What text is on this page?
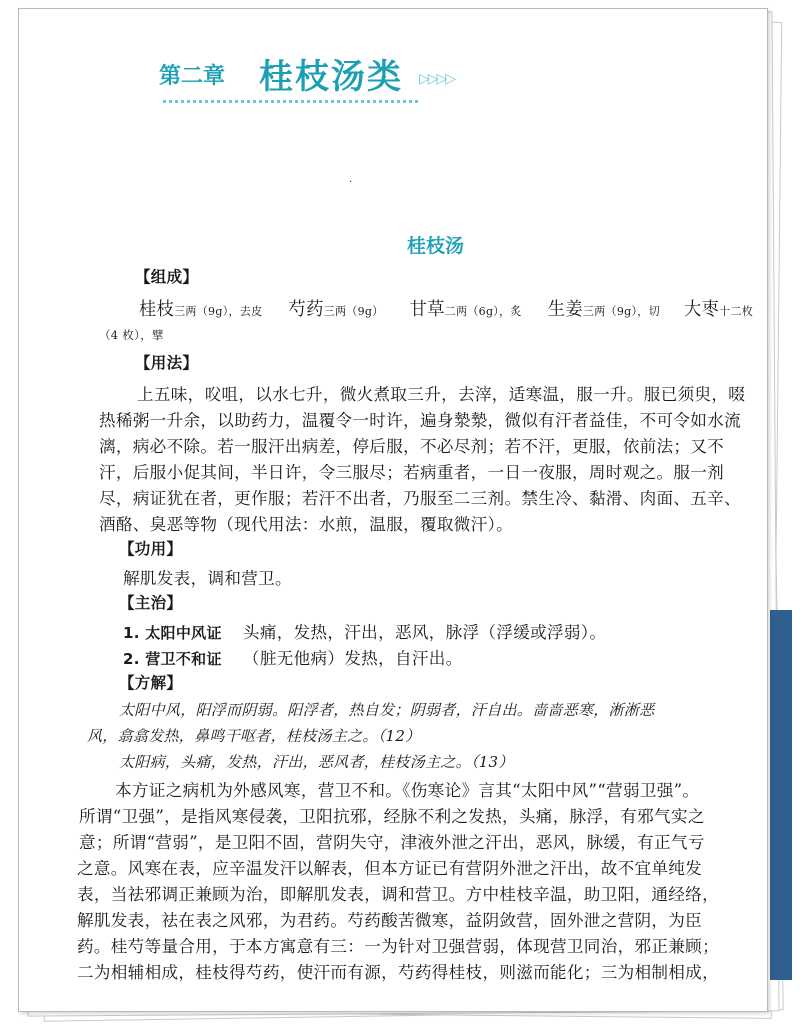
第二章 桂枝汤类 ▷▷▷▷
·
桂枝汤
【组成】
桂枝三两（9g），去皮 芍药三两（9g） 甘草二两（6g），炙 生姜三两（9g），切 大枣十二枚
（4 枚），擘
【用法】
上五味，㕮咀，以水七升，微火煮取三升，去滓，适寒温，服一升。服已须臾，啜
热稀粥一升余，以助药力，温覆令一时许，遍身漐漐，微似有汗者益佳，不可令如水流
漓，病必不除。若一服汗出病差，停后服，不必尽剂；若不汗，更服，依前法；又不
汗，后服小促其间，半日许，令三服尽；若病重者，一日一夜服，周时观之。服一剂
尽，病证犹在者，更作服；若汗不出者，乃服至二三剂。禁生冷、黏滑、肉面、五辛、
酒酪、臭恶等物（现代用法：水煎，温服，覆取微汗）。
【功用】
解肌发表，调和营卫。
【主治】
1. 太阳中风证 头痛，发热，汗出，恶风，脉浮（浮缓或浮弱）。
2. 营卫不和证 （脏无他病）发热，自汗出。
【方解】
太阳中风，阳浮而阴弱。阳浮者，热自发；阴弱者，汗自出。啬啬恶寒，淅淅恶
风，翕翕发热，鼻鸣干呕者，桂枝汤主之。（12）
太阳病，头痛，发热，汗出，恶风者，桂枝汤主之。（13）
本方证之病机为外感风寒，营卫不和。《伤寒论》言其“太阳中风”“营弱卫强”。
所谓“卫强”，是指风寒侵袭，卫阳抗邪，经脉不利之发热，头痛，脉浮，有邪气实之
意；所谓“营弱”，是卫阳不固，营阴失守，津液外泄之汗出，恶风，脉缓，有正气亏
之意。风寒在表，应辛温发汗以解表，但本方证已有营阴外泄之汗出，故不宜单纯发
表，当祛邪调正兼顾为治，即解肌发表，调和营卫。方中桂枝辛温，助卫阳，通经络，
解肌发表，祛在表之风邪，为君药。芍药酸苦微寒，益阴敛营，固外泄之营阴，为臣
药。桂芍等量合用，于本方寓意有三：一为针对卫强营弱，体现营卫同治，邪正兼顾；
二为相辅相成，桂枝得芍药，使汗而有源，芍药得桂枝，则滋而能化；三为相制相成，
